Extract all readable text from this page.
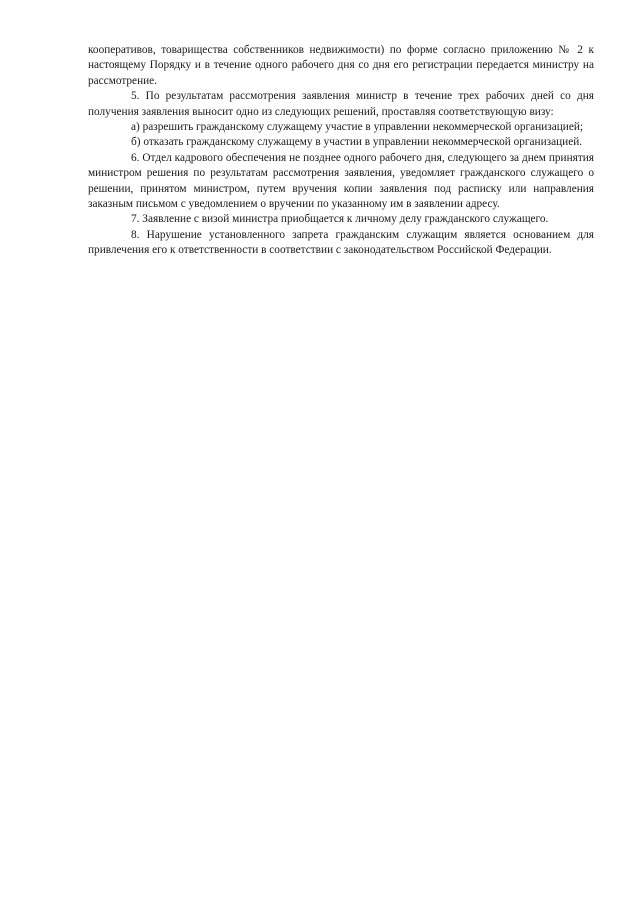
кооперативов, товарищества собственников недвижимости) по форме согласно приложению № 2 к настоящему Порядку и в течение одного рабочего дня со дня его регистрации передается министру на рассмотрение.

5. По результатам рассмотрения заявления министр в течение трех рабочих дней со дня получения заявления выносит одно из следующих решений, проставляя соответствующую визу:

а) разрешить гражданскому служащему участие в управлении некоммерческой организацией;

б) отказать гражданскому служащему в участии в управлении некоммерческой организацией.

6. Отдел кадрового обеспечения не позднее одного рабочего дня, следующего за днем принятия министром решения по результатам рассмотрения заявления, уведомляет гражданского служащего о решении, принятом министром, путем вручения копии заявления под расписку или направления заказным письмом с уведомлением о вручении по указанному им в заявлении адресу.

7. Заявление с визой министра приобщается к личному делу гражданского служащего.

8. Нарушение установленного запрета гражданским служащим является основанием для привлечения его к ответственности в соответствии с законодательством Российской Федерации.
